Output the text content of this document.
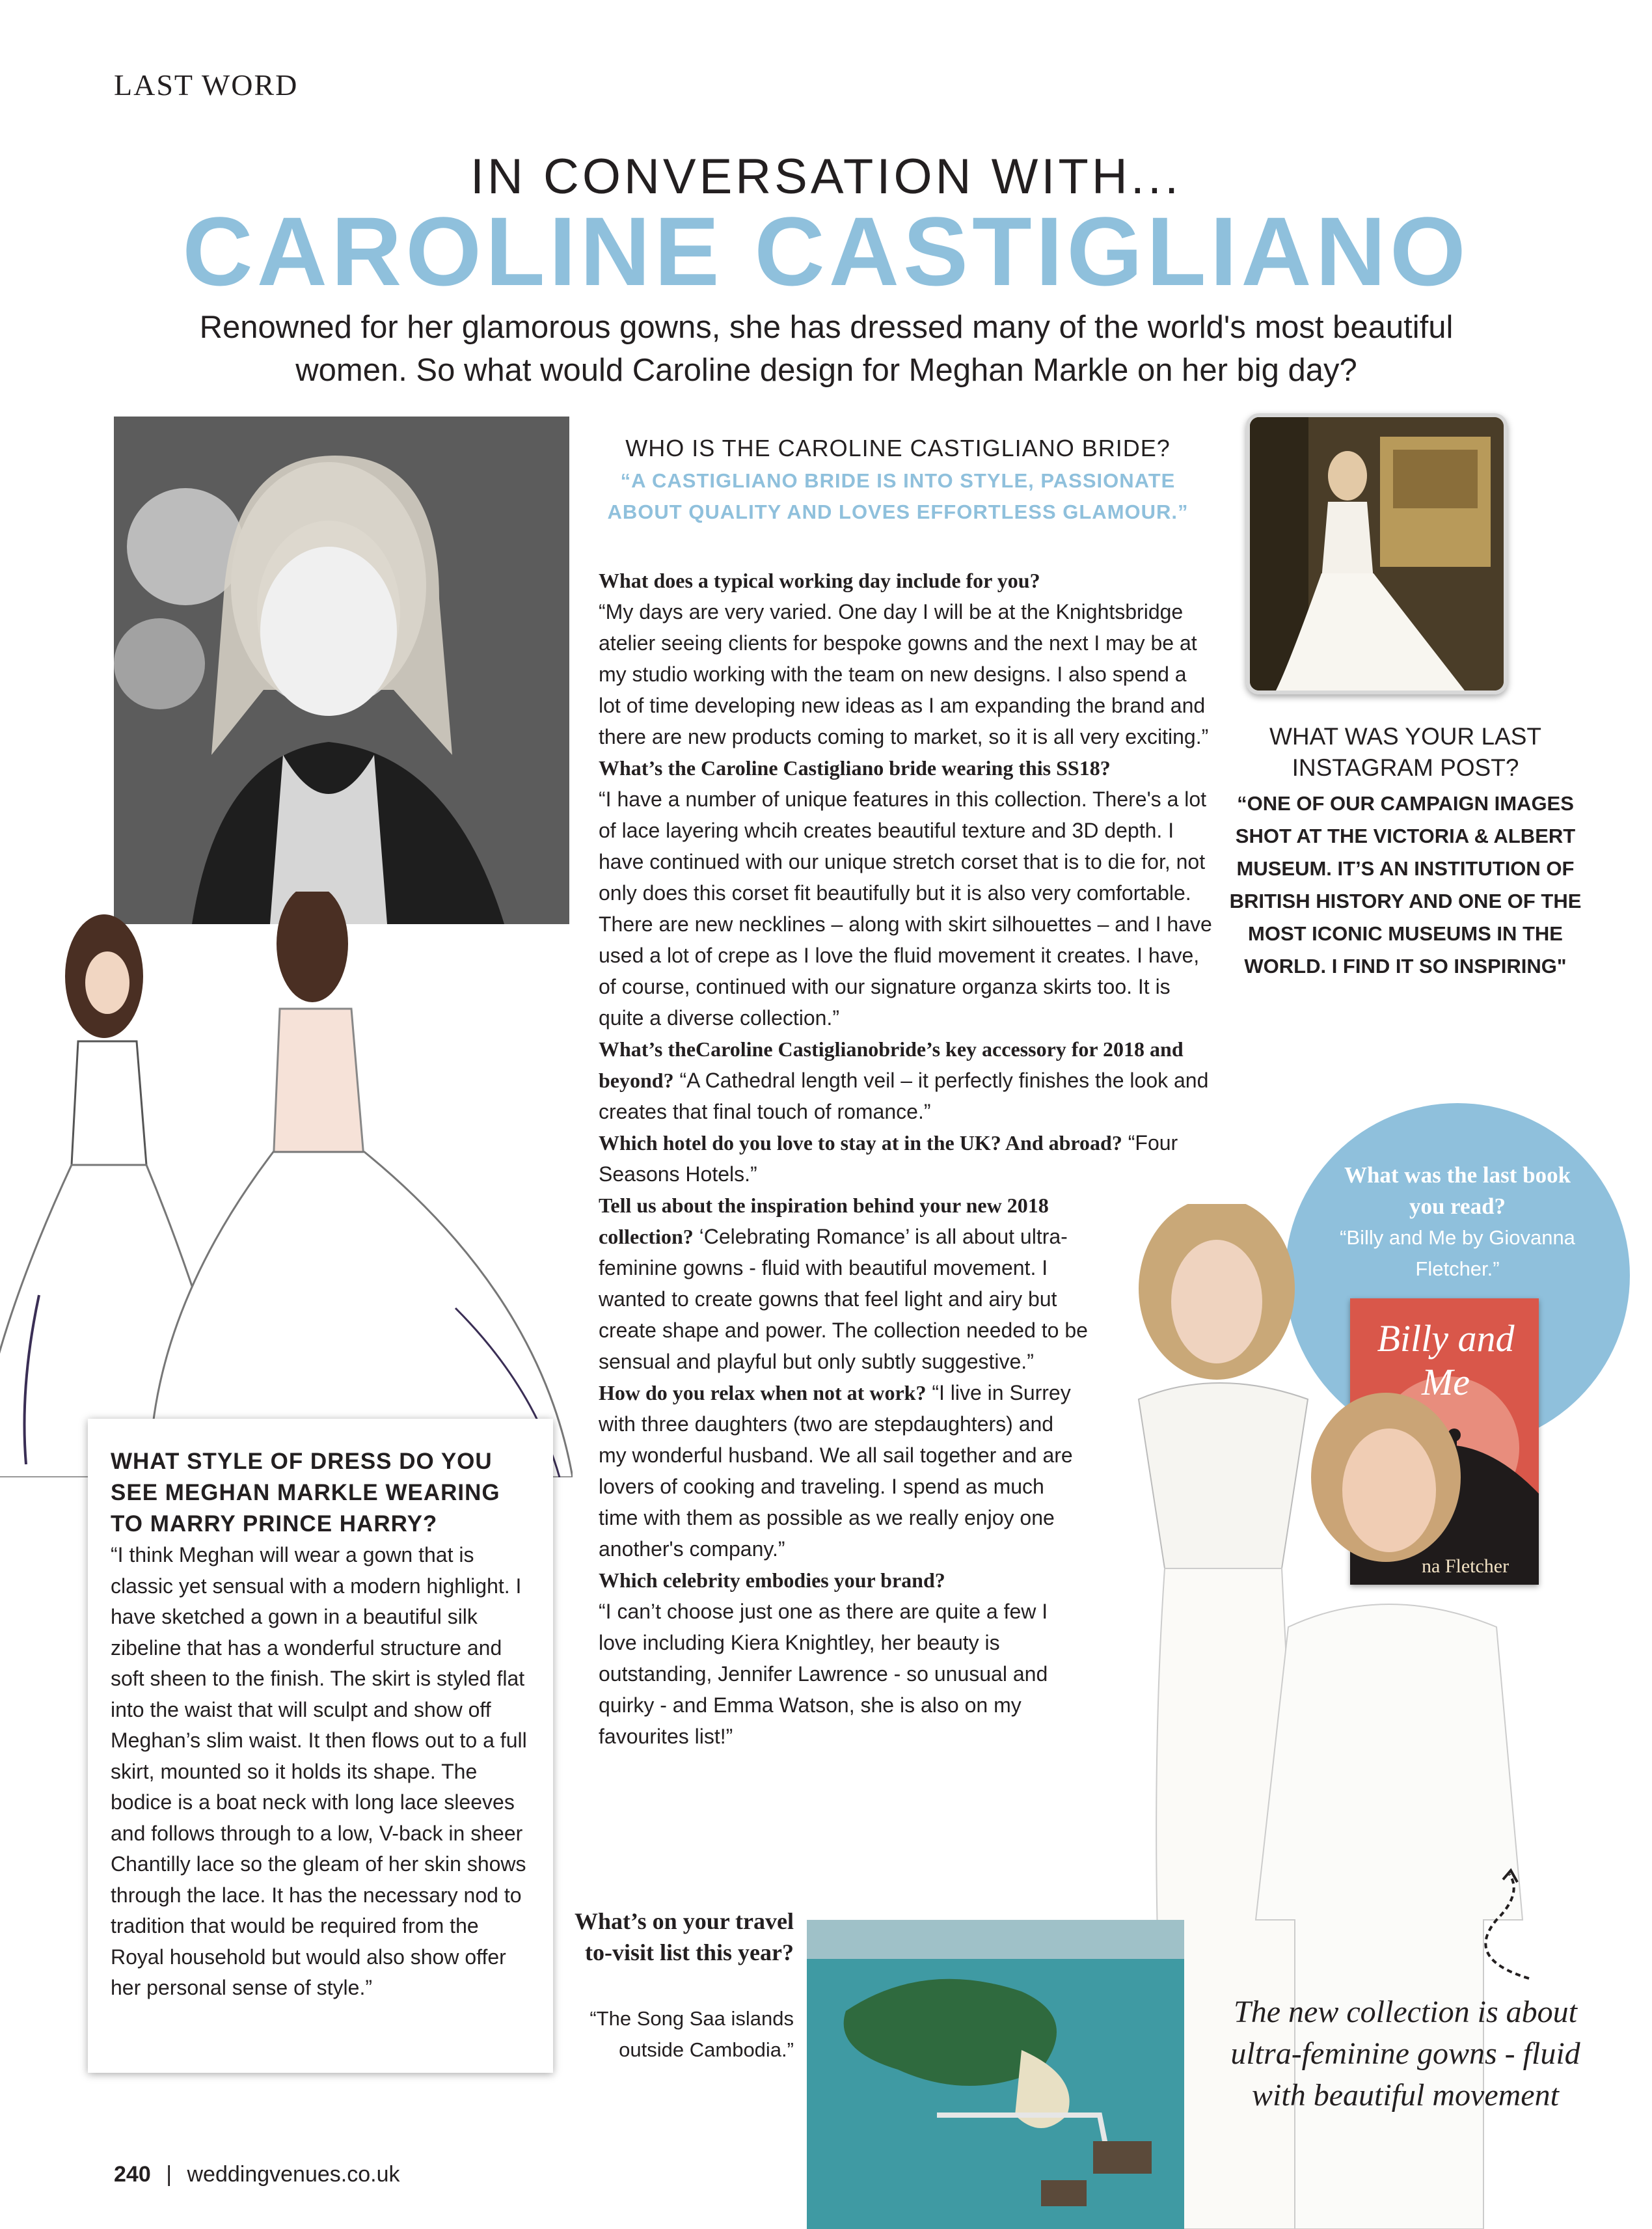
LAST WORD
IN CONVERSATION WITH...
CAROLINE CASTIGLIANO
Renowned for her glamorous gowns, she has dressed many of the world's most beautiful
women. So what would Caroline design for Meghan Markle on her big day?
WHO IS THE CAROLINE CASTIGLIANO BRIDE?
“A CASTIGLIANO BRIDE IS INTO STYLE, PASSIONATE
ABOUT QUALITY AND LOVES EFFORTLESS GLAMOUR.”

What does a typical working day include for you?
“My days are very varied. One day I will be at the Knightsbridge atelier seeing clients for bespoke gowns and the next I may be at my studio working with the team on new designs. I also spend a lot of time developing new ideas as I am expanding the brand and there are new products coming to market, so it is all very exciting.”

What’s the Caroline Castigliano bride wearing this SS18?
“I have a number of unique features in this collection. There's a lot of lace layering whcih creates beautiful texture and 3D depth. I have continued with our unique stretch corset that is to die for, not only does this corset fit beautifully but it is also very comfortable. There are new necklines – along with skirt silhouettes – and I have used a lot of crepe as I love the fluid movement it creates. I have, of course, continued with our signature organza skirts too. It is quite a diverse collection.”

What’s theCaroline Castiglianobride’s key accessory for 2018 and beyond? “A Cathedral length veil – it perfectly finishes the look and creates that final touch of romance.”

Which hotel do you love to stay at in the UK? And abroad? “Four Seasons Hotels.”

Tell us about the inspiration behind your new 2018 collection? ‘Celebrating Romance’ is all about ultra-feminine gowns - fluid with beautiful movement. I wanted to create gowns that feel light and airy but create shape and power. The collection needed to be sensual and playful but only subtly suggestive.”

How do you relax when not at work? “I live in Surrey with three daughters (two are stepdaughters) and my wonderful husband. We all sail together and are lovers of cooking and traveling. I spend as much time with them as possible as we really enjoy one another's company.”

Which celebrity embodies your brand?
“I can’t choose just one as there are quite a few I love including Kiera Knightley, her beauty is outstanding, Jennifer Lawrence - so unusual and quirky - and Emma Watson, she is also on my favourites list!”

WHAT WAS YOUR LAST INSTAGRAM POST?
“ONE OF OUR CAMPAIGN IMAGES SHOT AT THE VICTORIA & ALBERT MUSEUM. IT’S AN INSTITUTION OF BRITISH HISTORY AND ONE OF THE MOST ICONIC MUSEUMS IN THE WORLD. I FIND IT SO INSPIRING"
What was the last book you read?
“Billy and Me by Giovanna Fletcher.”
Billy and Me
na Fletcher

WHAT STYLE OF DRESS DO YOU SEE MEGHAN MARKLE WEARING TO MARRY PRINCE HARRY?

“I think Meghan will wear a gown that is classic yet sensual with a modern highlight. I have sketched a gown in a beautiful silk zibeline that has a wonderful structure and soft sheen to the finish. The skirt is styled flat into the waist that will sculpt and show off Meghan’s slim waist. It then flows out to a full skirt, mounted so it holds its shape. The bodice is a boat neck with long lace sleeves and follows through to a low, V-back in sheer Chantilly lace so the gleam of her skin shows through the lace. It has the necessary nod to tradition that would be required from the Royal household but would also show offer her personal sense of style.”

What’s on your travel to-visit list this year?
“The Song Saa islands outside Cambodia.”
The new collection is about ultra-feminine gowns - fluid with beautiful movement
240 | weddingvenues.co.uk
